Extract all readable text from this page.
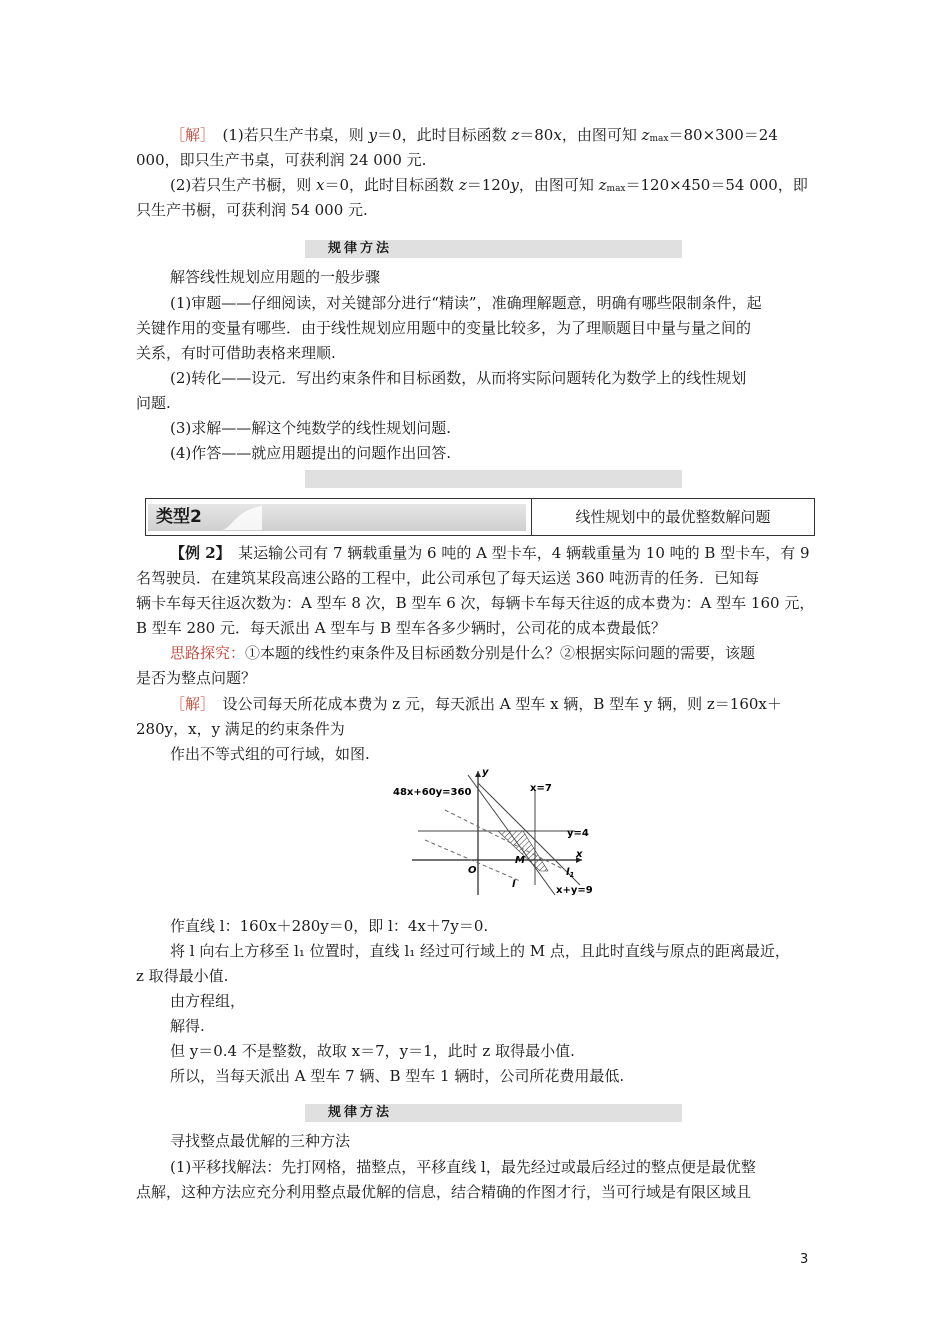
［解］　(1)若只生产书桌，则 y＝0，此时目标函数 z＝80x，由图可知 zmax＝80×300＝24
000，即只生产书桌，可获利润 24 000 元.
(2)若只生产书橱，则 x＝0，此时目标函数 z＝120y，由图可知 zmax＝120×450＝54 000，即
只生产书橱，可获利润 54 000 元.
规律方法
解答线性规划应用题的一般步骤
(1)审题——仔细阅读，对关键部分进行“精读”，准确理解题意，明确有哪些限制条件，起
关键作用的变量有哪些．由于线性规划应用题中的变量比较多，为了理顺题目中量与量之间的
关系，有时可借助表格来理顺.
(2)转化——设元．写出约束条件和目标函数，从而将实际问题转化为数学上的线性规划
问题.
(3)求解——解这个纯数学的线性规划问题.
(4)作答——就应用题提出的问题作出回答.
类型2	线性规划中的最优整数解问题
【例 2】　某运输公司有 7 辆载重量为 6 吨的 A 型卡车，4 辆载重量为 10 吨的 B 型卡车，有 9
名驾驶员．在建筑某段高速公路的工程中，此公司承包了每天运送 360 吨沥青的任务．已知每
辆卡车每天往返次数为：A 型车 8 次，B 型车 6 次，每辆卡车每天往返的成本费为：A 型车 160 元，
B 型车 280 元．每天派出 A 型车与 B 型车各多少辆时，公司花的成本费最低？
思路探究：①本题的线性约束条件及目标函数分别是什么？②根据实际问题的需要，该题
是否为整点问题？
［解］　设公司每天所花成本费为 z 元，每天派出 A 型车 x 辆，B 型车 y 辆，则 z＝160x＋
280y，x，y 满足的约束条件为
作出不等式组的可行域，如图.
48x+60y=360
y
x
x=7
y=4
M
O
l
$l_1$
x+y=9
作直线 l：160x＋280y＝0，即 l：4x＋7y＝0.
将 l 向右上方移至 l₁ 位置时，直线 l₁ 经过可行域上的 M 点，且此时直线与原点的距离最近，
z 取得最小值.
由方程组，
解得.
但 y＝0.4 不是整数，故取 x＝7，y＝1，此时 z 取得最小值.
所以，当每天派出 A 型车 7 辆、B 型车 1 辆时，公司所花费用最低.
规律方法
寻找整点最优解的三种方法
(1)平移找解法：先打网格，描整点，平移直线 l，最先经过或最后经过的整点便是最优整
点解，这种方法应充分利用整点最优解的信息，结合精确的作图才行，当可行域是有限区域且
3
